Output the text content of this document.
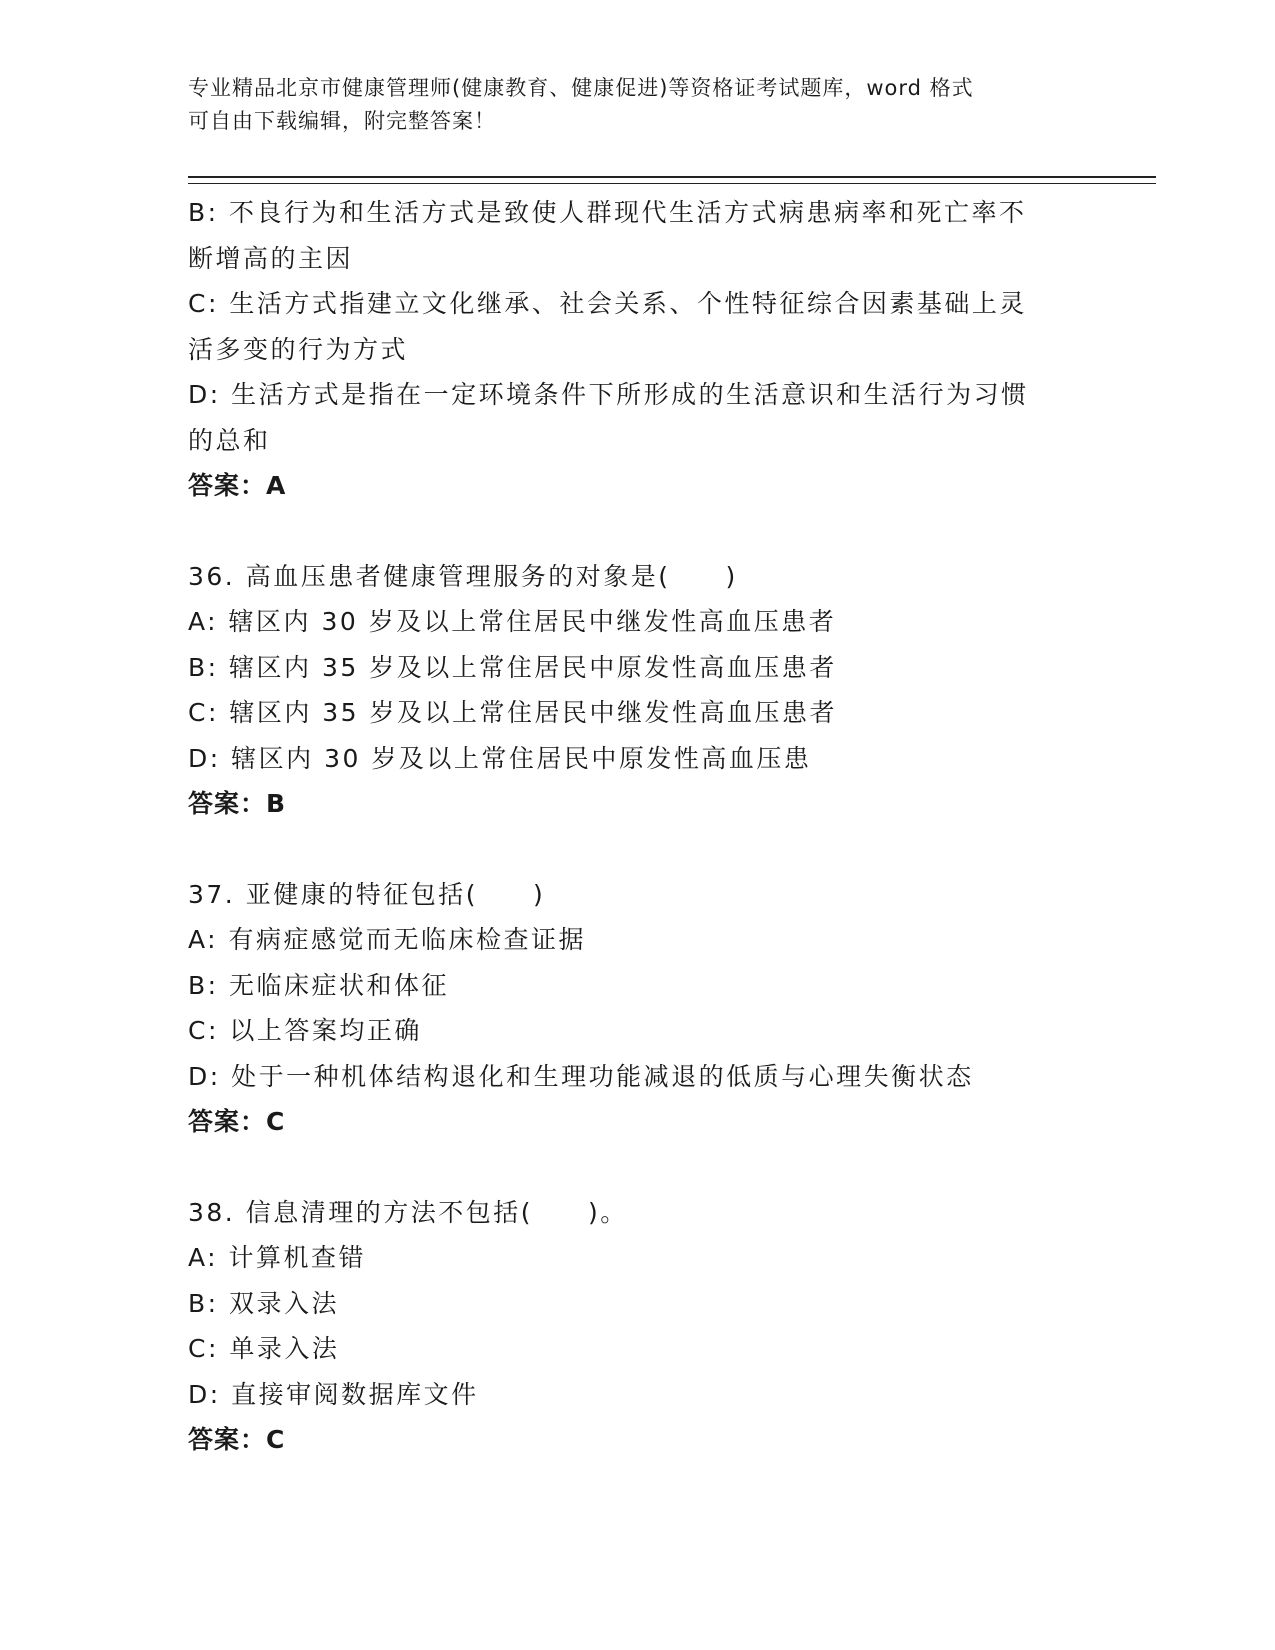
专业精品北京市健康管理师(健康教育、健康促进)等资格证考试题库，word 格式
可自由下载编辑，附完整答案！
B: 不良行为和生活方式是致使人群现代生活方式病患病率和死亡率不
断增高的主因
C: 生活方式指建立文化继承、社会关系、个性特征综合因素基础上灵
活多变的行为方式
D: 生活方式是指在一定环境条件下所形成的生活意识和生活行为习惯
的总和
答案：A
36. 高血压患者健康管理服务的对象是(　　)
A: 辖区内 30 岁及以上常住居民中继发性高血压患者
B: 辖区内 35 岁及以上常住居民中原发性高血压患者
C: 辖区内 35 岁及以上常住居民中继发性高血压患者
D: 辖区内 30 岁及以上常住居民中原发性高血压患
答案：B
37. 亚健康的特征包括(　　)
A: 有病症感觉而无临床检查证据
B: 无临床症状和体征
C: 以上答案均正确
D: 处于一种机体结构退化和生理功能减退的低质与心理失衡状态
答案：C
38. 信息清理的方法不包括(　　)。
A: 计算机查错
B: 双录入法
C: 单录入法
D: 直接审阅数据库文件
答案：C
